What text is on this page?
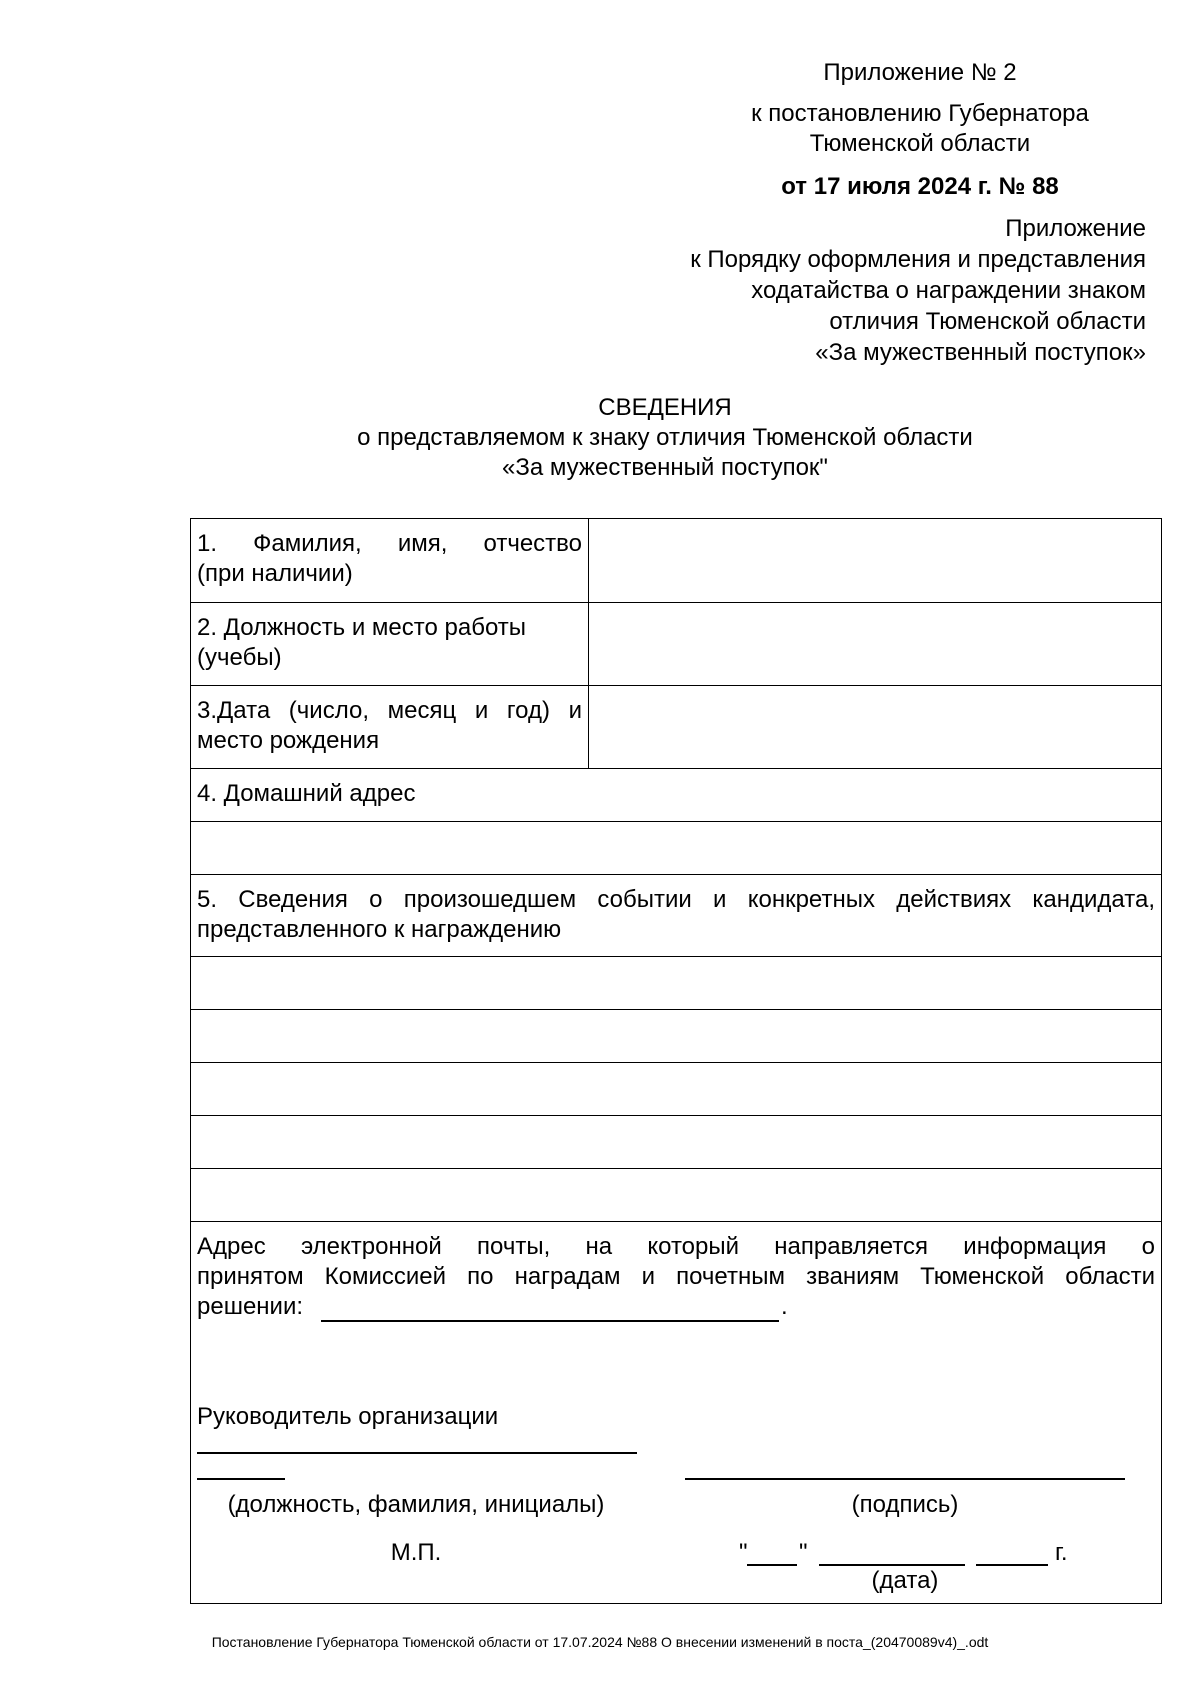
Приложение № 2
к постановлению Губернатора
Тюменской области
от 17 июля 2024 г. № 88
Приложение
к Порядку оформления и представления
ходатайства о награждении знаком
отличия Тюменской области
«За мужественный поступок»
СВЕДЕНИЯ
о представляемом к знаку отличия Тюменской области
«За мужественный поступок"
1. Фамилия, имя, отчество
(при наличии)
2. Должность и место работы
(учебы)
3.Дата (число, месяц и год) и
место рождения
4. Домашний адрес
5. Сведения о произошедшем событии и конкретных действиях кандидата,
представленного к награждению
Адрес электронной почты, на который направляется информация о
принятом Комиссией по наградам и почетным званиям Тюменской области
решении:	.
Руководитель организации
(должность, фамилия, инициалы)	(подпись)
М.П.	"	"	г.
(дата)
Постановление Губернатора Тюменской области от 17.07.2024 №88 О внесении изменений в поста_(20470089v4)_.odt
